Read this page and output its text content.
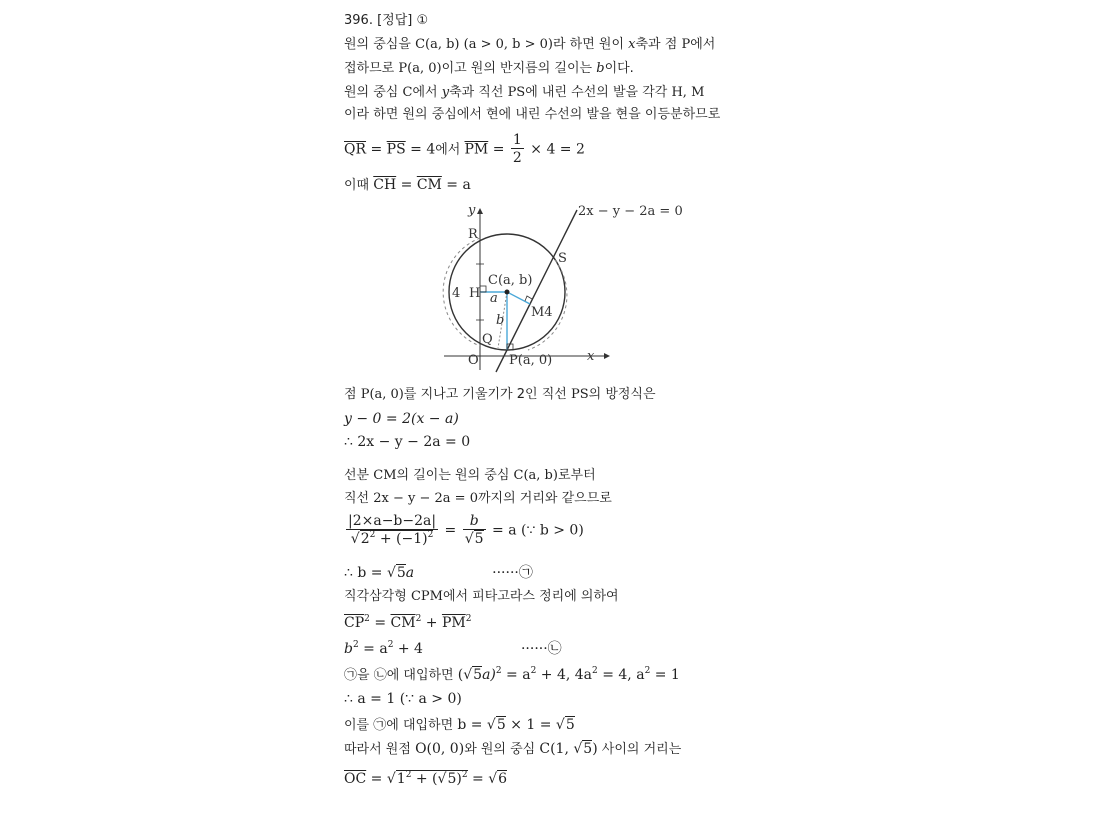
396. [정답] ①
원의 중심을 C(a, b) (a > 0, b > 0)라 하면 원이 x축과 점 P에서
접하므로 P(a, 0)이고 원의 반지름의 길이는 b이다.
원의 중심 C에서 y축과 직선 PS에 내린 수선의 발을 각각 H, M
이라 하면 원의 중심에서 현에 내린 수선의 발을 현을 이등분하므로
$\overline{QR} = \overline{PS} = 4$에서 $\overline{PM} = \frac{1}{2} \times 4 = 2$
이때 $\overline{CH} = \overline{CM} = a$
y
x
2x − y − 2a = 0
R
S
C(a, b)
H
4 a
M4
b
Q
O P(a, 0)
점 P(a, 0)를 지나고 기울기가 2인 직선 PS의 방정식은
y − 0 = 2(x − a)
∴ 2x − y − 2a = 0
선분 CM의 길이는 원의 중심 C(a, b)로부터
직선 2x − y − 2a = 0까지의 거리와 같으므로
$\frac{|2\times a-b-2a|}{√2^2 + (-1)^2} = \frac{b}{√5} = a$ (∵ b > 0)
∴ b = √5a	······㉠
직각삼각형 CPM에서 피타고라스 정리에 의하여
$\overline{CP}^2 = \overline{CM}^2 + \overline{PM}^2$
$b^2 = a^2 + 4$	······㉡
㉠을 ㉡에 대입하면 $(√5a)^2 = a^2 + 4$, $4a^2 = 4$, $a^2 = 1$
∴ a = 1 (∵ a > 0)
이를 ㉠에 대입하면 b = √5 × 1 = √5
따라서 원점 O(0, 0)와 원의 중심 C(1, √5) 사이의 거리는
$\overline{OC} = √1^2 + (√5)^2 = √6$
